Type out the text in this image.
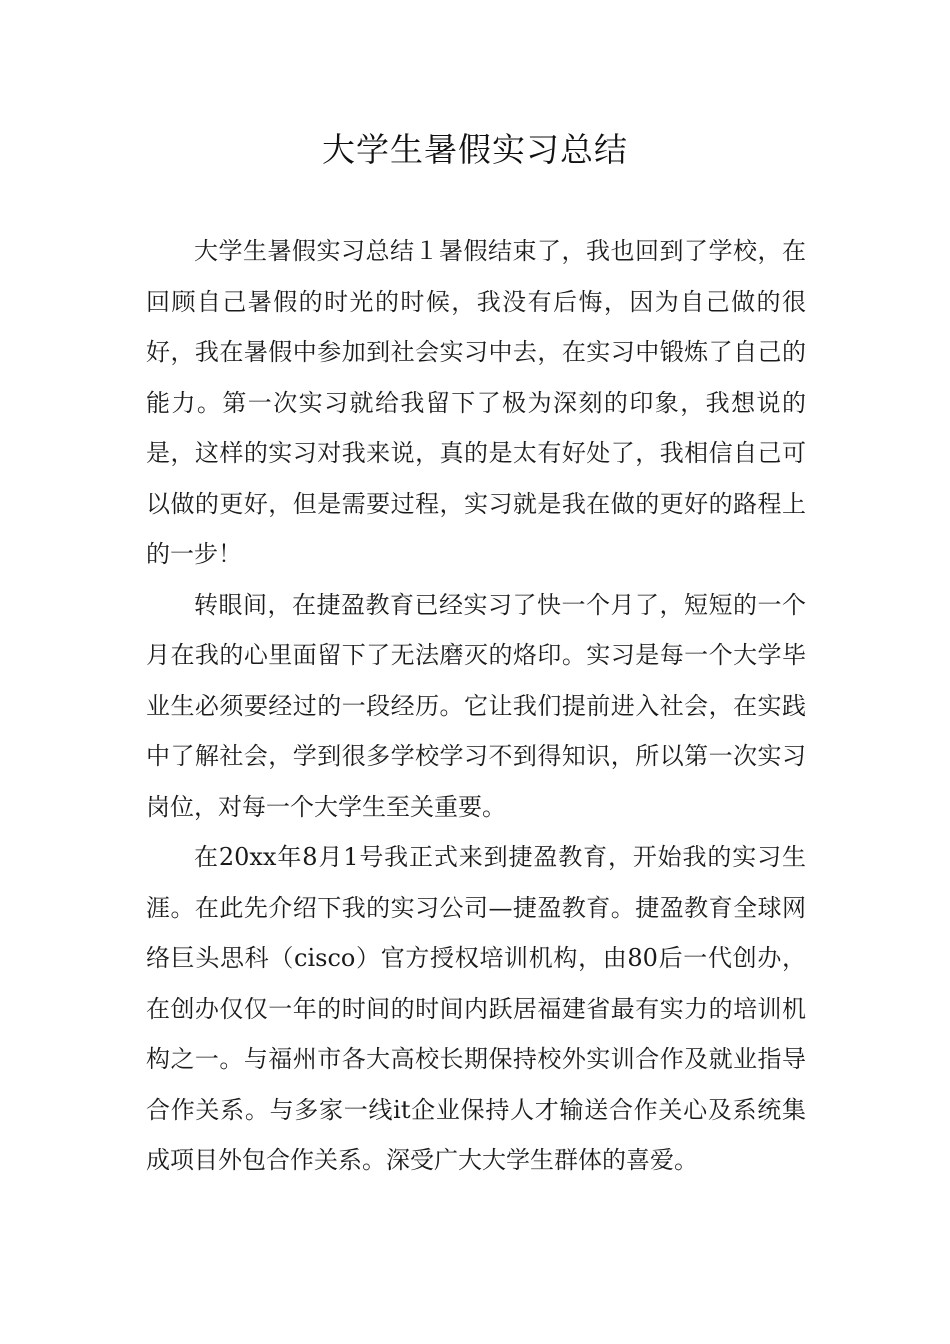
大学生暑假实习总结

大学生暑假实习总结１暑假结束了，我也回到了学校，在回顾自己暑假的时光的时候，我没有后悔，因为自己做的很好，我在暑假中参加到社会实习中去，在实习中锻炼了自己的能力。第一次实习就给我留下了极为深刻的印象，我想说的是，这样的实习对我来说，真的是太有好处了，我相信自己可以做的更好，但是需要过程，实习就是我在做的更好的路程上的一步！

转眼间，在捷盈教育已经实习了快一个月了，短短的一个月在我的心里面留下了无法磨灭的烙印。实习是每一个大学毕业生必须要经过的一段经历。它让我们提前进入社会，在实践中了解社会，学到很多学校学习不到得知识，所以第一次实习岗位，对每一个大学生至关重要。

在20xx年8月1号我正式来到捷盈教育，开始我的实习生涯。在此先介绍下我的实习公司—捷盈教育。捷盈教育全球网络巨头思科（cisco）官方授权培训机构，由80后一代创办，在创办仅仅一年的时间的时间内跃居福建省最有实力的培训机构之一。与福州市各大高校长期保持校外实训合作及就业指导合作关系。与多家一线it企业保持人才输送合作关心及系统集成项目外包合作关系。深受广大大学生群体的喜爱。
